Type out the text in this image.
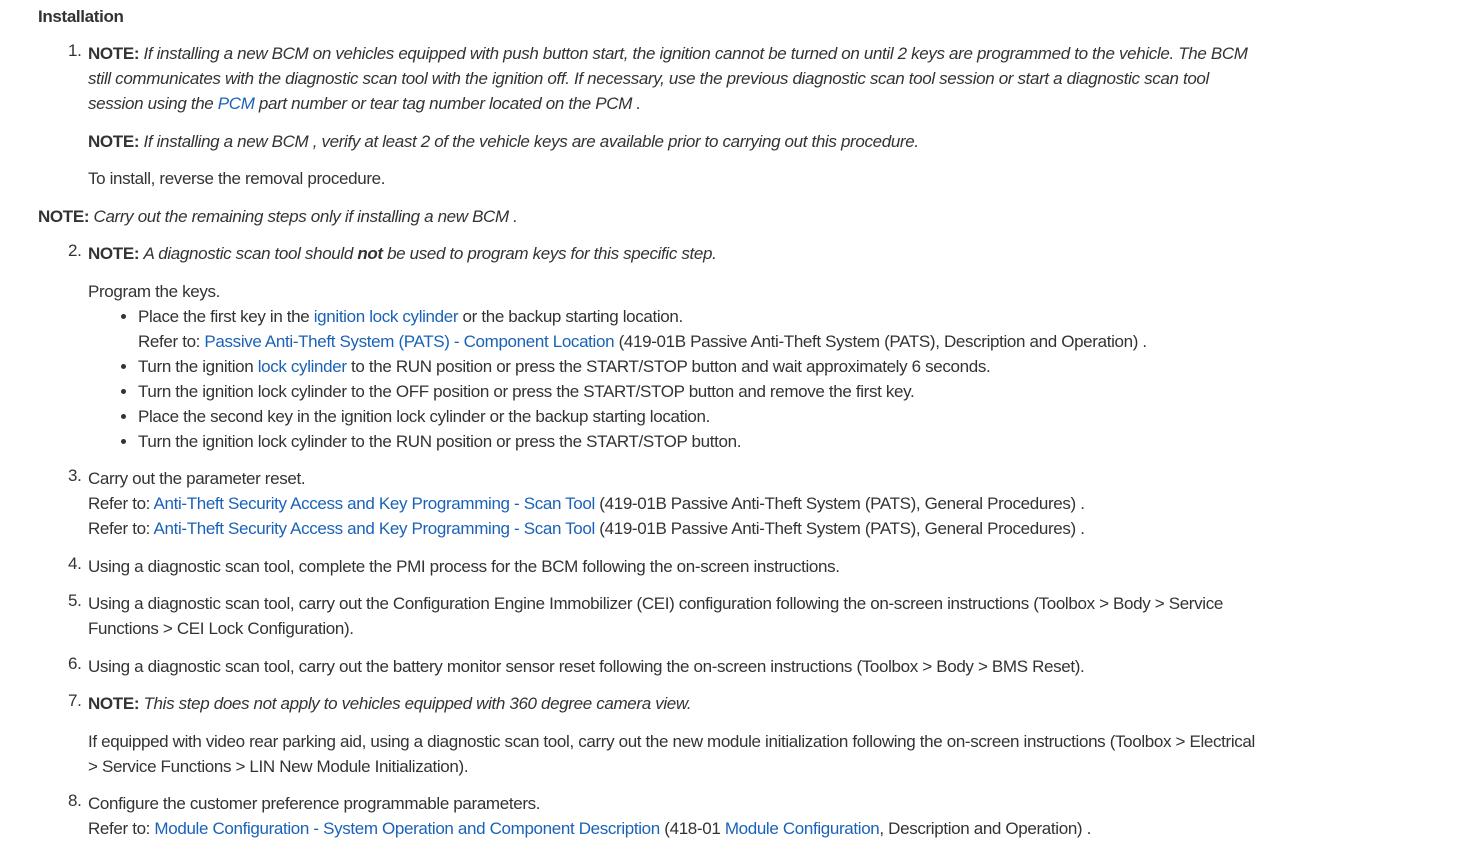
Installation
1. NOTE: If installing a new BCM on vehicles equipped with push button start, the ignition cannot be turned on until 2 keys are programmed to the vehicle. The BCM still communicates with the diagnostic scan tool with the ignition off. If necessary, use the previous diagnostic scan tool session or start a diagnostic scan tool session using the PCM part number or tear tag number located on the PCM .

NOTE: If installing a new BCM , verify at least 2 of the vehicle keys are available prior to carrying out this procedure.

To install, reverse the removal procedure.

NOTE: Carry out the remaining steps only if installing a new BCM .

2. NOTE: A diagnostic scan tool should not be used to program keys for this specific step.

Program the keys.

• Place the first key in the ignition lock cylinder or the backup starting location.
Refer to: Passive Anti-Theft System (PATS) - Component Location (419-01B Passive Anti-Theft System (PATS), Description and Operation) .
• Turn the ignition lock cylinder to the RUN position or press the START/STOP button and wait approximately 6 seconds.
• Turn the ignition lock cylinder to the OFF position or press the START/STOP button and remove the first key.
• Place the second key in the ignition lock cylinder or the backup starting location.
• Turn the ignition lock cylinder to the RUN position or press the START/STOP button.
3. Carry out the parameter reset.
Refer to: Anti-Theft Security Access and Key Programming - Scan Tool (419-01B Passive Anti-Theft System (PATS), General Procedures) .
Refer to: Anti-Theft Security Access and Key Programming - Scan Tool (419-01B Passive Anti-Theft System (PATS), General Procedures) .

4. Using a diagnostic scan tool, complete the PMI process for the BCM following the on-screen instructions.

5. Using a diagnostic scan tool, carry out the Configuration Engine Immobilizer (CEI) configuration following the on-screen instructions (Toolbox > Body > Service Functions > CEI Lock Configuration).

6. Using a diagnostic scan tool, carry out the battery monitor sensor reset following the on-screen instructions (Toolbox > Body > BMS Reset).

7. NOTE: This step does not apply to vehicles equipped with 360 degree camera view.

If equipped with video rear parking aid, using a diagnostic scan tool, carry out the new module initialization following the on-screen instructions (Toolbox > Electrical > Service Functions > LIN New Module Initialization).

8. Configure the customer preference programmable parameters.
Refer to: Module Configuration - System Operation and Component Description (418-01 Module Configuration, Description and Operation) .
